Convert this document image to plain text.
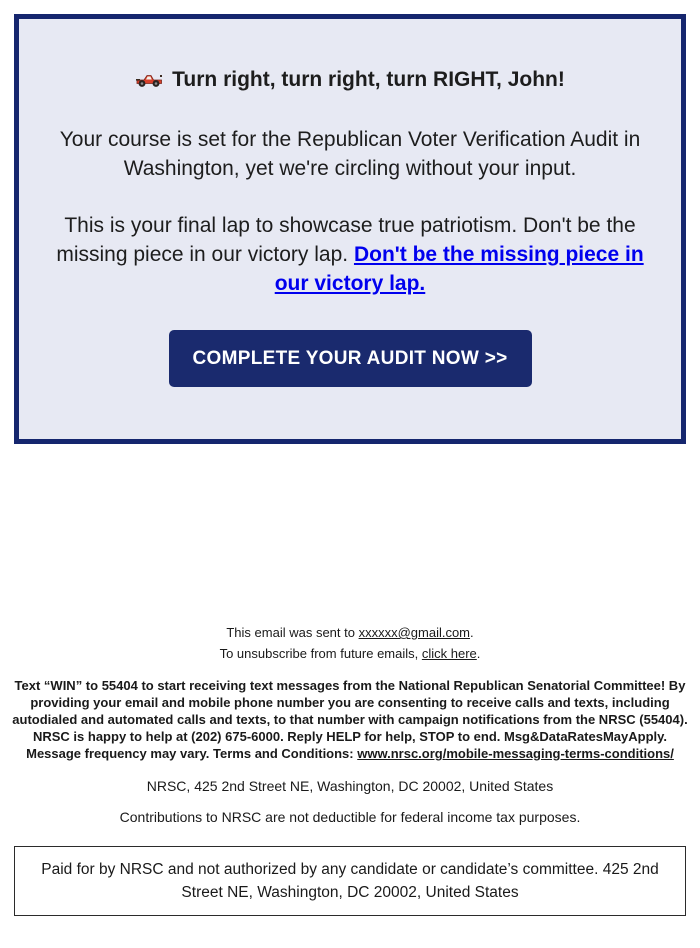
Turn right, turn right, turn RIGHT, John!

Your course is set for the Republican Voter Verification Audit in Washington, yet we're circling without your input.

This is your final lap to showcase true patriotism. Don't be the missing piece in our victory lap. Don't be the missing piece in our victory lap.

COMPLETE YOUR AUDIT NOW >>

This email was sent to xxxxxx@gmail.com.

To unsubscribe from future emails, click here.

Text “WIN” to 55404 to start receiving text messages from the National Republican Senatorial Committee! By providing your email and mobile phone number you are consenting to receive calls and texts, including autodialed and automated calls and texts, to that number with campaign notifications from the NRSC (55404). NRSC is happy to help at (202) 675-6000. Reply HELP for help, STOP to end. Msg&DataRatesMayApply. Message frequency may vary. Terms and Conditions: www.nrsc.org/mobile-messaging-terms-conditions/

NRSC, 425 2nd Street NE, Washington, DC 20002, United States

Contributions to NRSC are not deductible for federal income tax purposes.

Paid for by NRSC and not authorized by any candidate or candidate’s committee. 425 2nd Street NE, Washington, DC 20002, United States
